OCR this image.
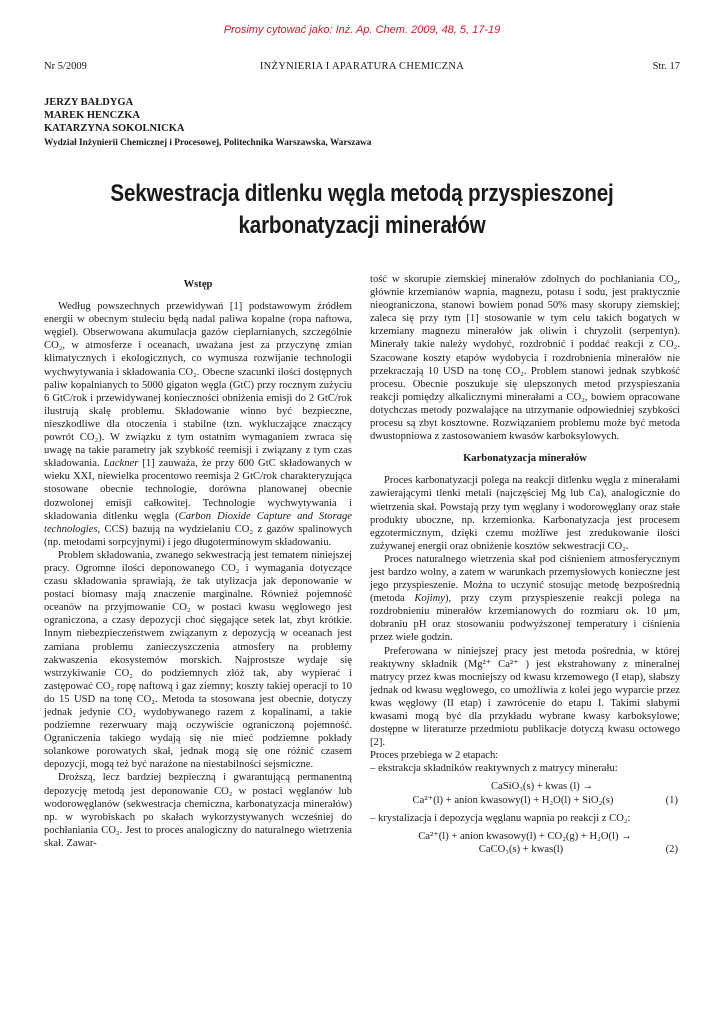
Prosimy cytować jako: Inż. Ap. Chem. 2009, 48, 5, 17-19
Nr 5/2009	INŻYNIERIA I APARATURA CHEMICZNA	Str. 17
JERZY BAŁDYGA
MAREK HENCZKA
KATARZYNA SOKOLNICKA
Wydział Inżynierii Chemicznej i Procesowej, Politechnika Warszawska, Warszawa
Sekwestracja ditlenku węgla metodą przyspieszonej
karbonatyzacji minerałów
Wstęp

Według powszechnych przewidywań [1] podstawowym źródłem energii w obecnym stuleciu będą nadal paliwa kopalne (ropa naftowa, węgiel). Obserwowana akumulacja gazów cieplarnianych, szczególnie CO₂, w atmosferze i oceanach, uważana jest za przyczynę zmian klimatycznych i ekologicznych, co wymusza rozwijanie technologii wychwytywania i składowania CO₂. Obecne szacunki ilości dostępnych paliw kopalnianych to 5000 gigaton węgla (GtC) przy rocznym zużyciu 6 GtC/rok i przewidywanej konieczności obniżenia emisji do 2 GtC/rok ilustrują skalę problemu. Składowanie winno być bezpieczne, nieszkodliwe dla otoczenia i stabilne (tzn. wykluczające znaczący powrót CO₂). W związku z tym ostatnim wymaganiem zwraca się uwagę na takie parametry jak szybkość reemisji i związany z tym czas składowania. Lackner [1] zauważa, że przy 600 GtC składowanych w wieku XXI, niewielka procentowo reemisja 2 GtC/rok charakteryzująca stosowane obecnie technologie, dorówna planowanej obecnie dozwolonej emisji całkowitej. Technologie wychwytywania i składowania ditlenku węgla (Carbon Dioxide Capture and Storage technologies, CCS) bazują na wydzielaniu CO₂ z gazów spalinowych (np. metodami sorpcyjnymi) i jego długoterminowym składowaniu.

Problem składowania, zwanego sekwestracją jest tematem niniejszej pracy. Ogromne ilości deponowanego CO₂ i wymagania dotyczące czasu składowania sprawiają, że tak utylizacja jak deponowanie w postaci biomasy mają znaczenie marginalne. Również pojemność oceanów na przyjmowanie CO₂ w postaci kwasu węglowego jest ograniczona, a czasy depozycji choć sięgające setek lat, zbyt krótkie. Innym niebezpieczeństwem związanym z depozycją w oceanach jest zamiana problemu zanieczyszczenia atmosfery na problemy zakwaszenia ekosystemów morskich. Najprostsze wydaje się wstrzykiwanie CO₂ do podziemnych złóż tak, aby wypierać i zastępować CO₂ ropę naftową i gaz ziemny; koszty takiej operacji to 10 do 15 USD na tonę CO₂. Metoda ta stosowana jest obecnie, dotyczy jednak jedynie CO₂ wydobywanego razem z kopalinami, a takie podziemne rezerwuary mają oczywiście ograniczoną pojemność. Ograniczenia takiego wydają się nie mieć podziemne pokłady solankowe porowatych skał, jednak mogą się one różnić czasem depozycji, mogą też być narażone na niestabilności sejsmiczne.

Droższą, lecz bardziej bezpieczną i gwarantującą permanentną depozycję metodą jest deponowanie CO₂ w postaci węglanów lub wodorowęglanów (sekwestracja chemiczna, karbonatyzacja minerałów) np. w wyrobiskach po skałach wykorzystywanych wcześniej do pochłaniania CO₂. Jest to proces analogiczny do naturalnego wietrzenia skał. Zawar-

tość w skorupie ziemskiej minerałów zdolnych do pochłaniania CO₂, głównie krzemianów wapnia, magnezu, potasu i sodu, jest praktycznie nieograniczona, stanowi bowiem ponad 50% masy skorupy ziemskiej; zaleca się przy tym [1] stosowanie w tym celu takich bogatych w krzemiany magnezu minerałów jak oliwin i chryzolit (serpentyn). Minerały takie należy wydobyć, rozdrobnić i poddać reakcji z CO₂. Szacowane koszty etapów wydobycia i rozdrobnienia minerałów nie przekraczają 10 USD na tonę CO₂. Problem stanowi jednak szybkość procesu. Obecnie poszukuje się ulepszonych metod przyspieszania reakcji pomiędzy alkalicznymi minerałami a CO₂, bowiem opracowane dotychczas metody pozwalające na utrzymanie odpowiedniej szybkości procesu są zbyt kosztowne. Rozwiązaniem problemu może być metoda dwustopniowa z zastosowaniem kwasów karboksylowych.

Karbonatyzacja minerałów

Proces karbonatyzacji polega na reakcji ditlenku węgla z minerałami zawierającymi tlenki metali (najczęściej Mg lub Ca), analogicznie do wietrzenia skał. Powstają przy tym węglany i wodorowęglany oraz stałe produkty uboczne, np. krzemionka. Karbonatyzacja jest procesem egzotermicznym, dzięki czemu możliwe jest zredukowanie ilości zużywanej energii oraz obniżenie kosztów sekwestracji CO₂.

Proces naturalnego wietrzenia skał pod ciśnieniem atmosferycznym jest bardzo wolny, a zatem w warunkach przemysłowych konieczne jest jego przyspieszenie. Można to uczynić stosując metodę bezpośrednią (metoda Kojimy), przy czym przyspieszenie reakcji polega na rozdrobnieniu minerałów krzemianowych do rozmiaru ok. 10 μm, dobraniu pH oraz stosowaniu podwyższonej temperatury i ciśnienia przez wiele godzin.

Preferowana w niniejszej pracy jest metoda pośrednia, w której reaktywny składnik (Mg²⁺ Ca²⁺ ) jest ekstrahowany z mineralnej matrycy przez kwas mocniejszy od kwasu krzemowego (I etap), słabszy jednak od kwasu węglowego, co umożliwia z kolei jego wyparcie przez kwas węglowy (II etap) i zawrócenie do etapu I. Takimi słabymi kwasami mogą być dla przykładu wybrane kwasy karboksylowe; dostępne w literaturze przedmiotu publikacje dotyczą kwasu octowego [2].

Proces przebiega w 2 etapach:

– ekstrakcja składników reaktywnych z matrycy minerału:

CaSiO₃(s) + kwas (l) →
Ca²⁺(l) + anion kwasowy(l) + H₂O(l) + SiO₂(s)	(1)

– krystalizacja i depozycja węglanu wapnia po reakcji z CO₂:

Ca²⁺(l) + anion kwasowy(l) + CO₂(g) + H₂O(l) →
CaCO₃(s) + kwas(l)	(2)
